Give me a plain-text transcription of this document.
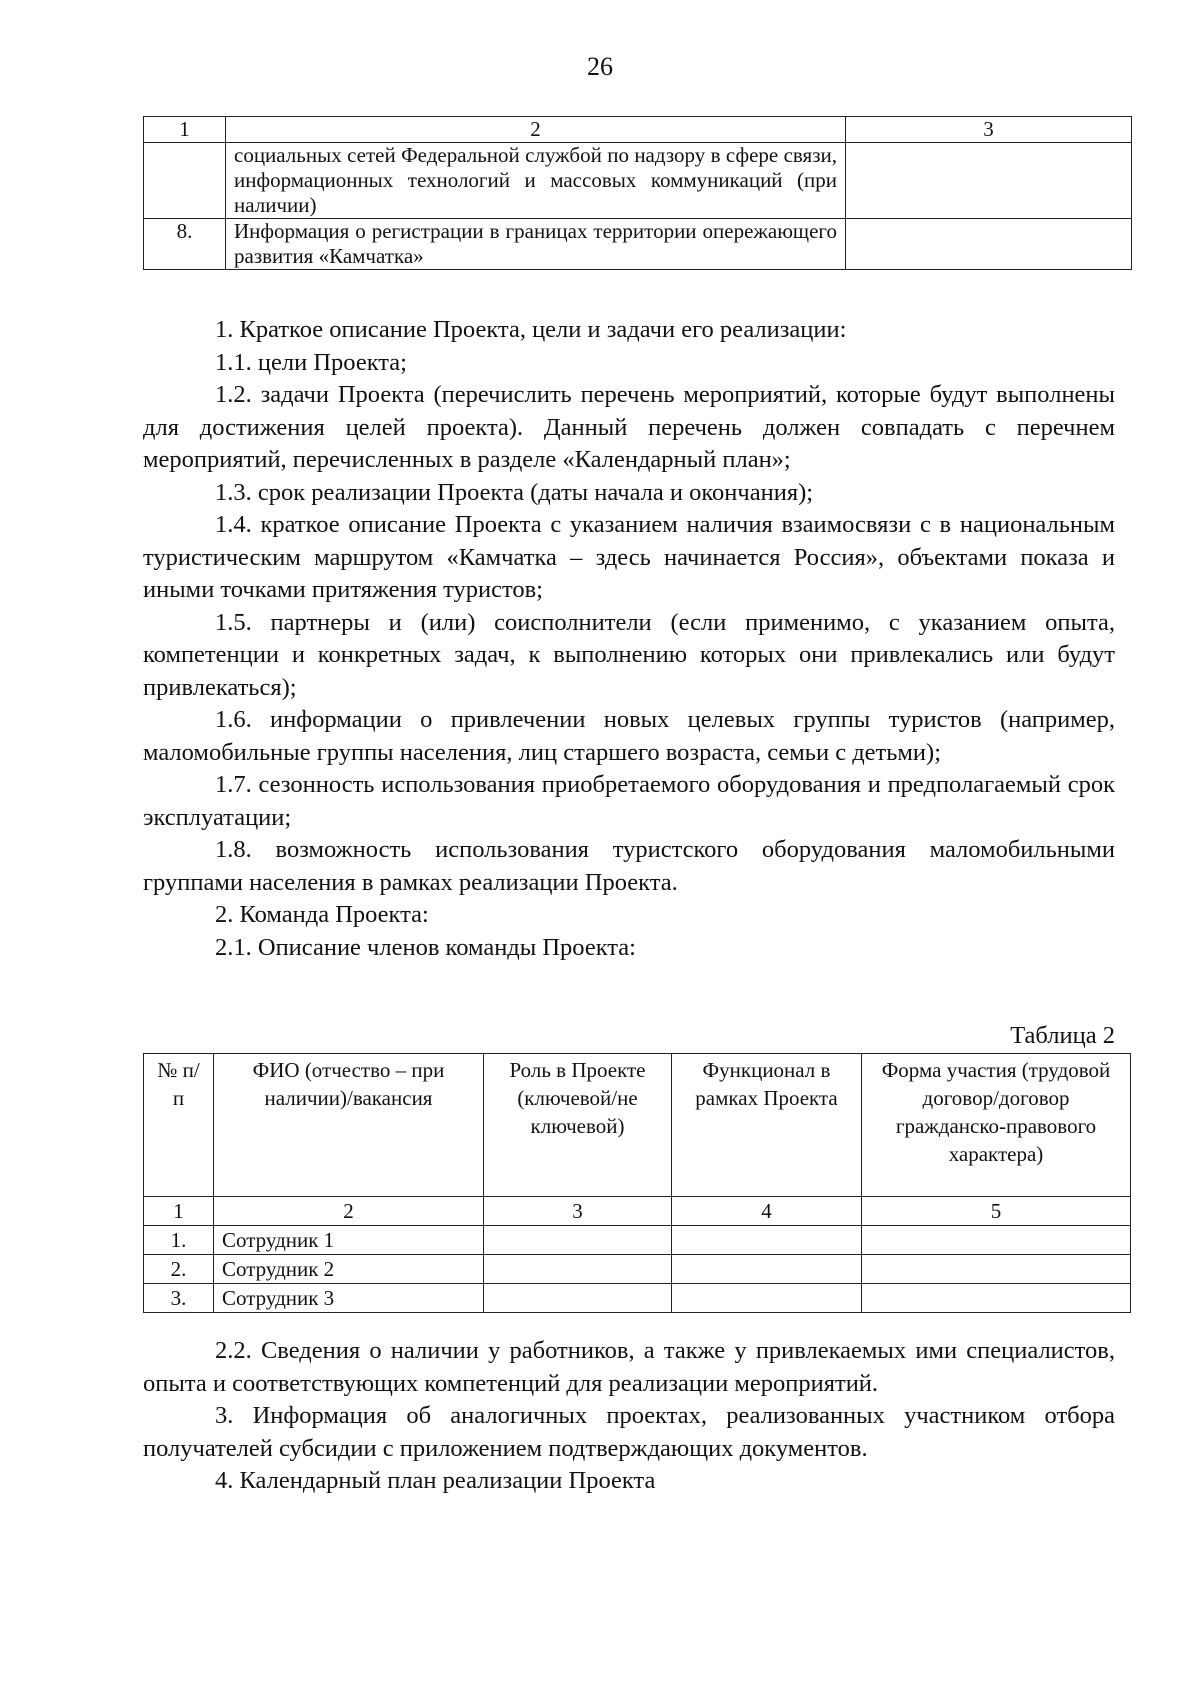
26
1	2	3
	социальных сетей Федеральной службой по надзору в сфере связи, информационных технологий и массовых коммуникаций (при наличии)	
8.	Информация о регистрации в границах территории опережающего развития «Камчатка»	

1. Краткое описание Проекта, цели и задачи его реализации:

1.1. цели Проекта;

1.2. задачи Проекта (перечислить перечень мероприятий, которые будут выполнены для достижения целей проекта). Данный перечень должен совпадать с перечнем мероприятий, перечисленных в разделе «Календарный план»;

1.3. срок реализации Проекта (даты начала и окончания);

1.4. краткое описание Проекта с указанием наличия взаимосвязи с в национальным туристическим маршрутом «Камчатка – здесь начинается Россия», объектами показа и иными точками притяжения туристов;

1.5. партнеры и (или) соисполнители (если применимо, с указанием опыта, компетенции и конкретных задач, к выполнению которых они привлекались или будут привлекаться);

1.6. информации о привлечении новых целевых группы туристов (например, маломобильные группы населения, лиц старшего возраста, семьи с детьми);

1.7. сезонность использования приобретаемого оборудования и предполагаемый срок эксплуатации;

1.8. возможность использования туристского оборудования маломобильными группами населения в рамках реализации Проекта.

2. Команда Проекта:

2.1. Описание членов команды Проекта:

Таблица 2
№ п/п	ФИО (отчество – при наличии)/вакансия	Роль в Проекте (ключевой/не ключевой)	Функционал в рамках Проекта	Форма участия (трудовой договор/договор гражданско-правового характера)
1	2	3	4	5
1.	Сотрудник 1			
2.	Сотрудник 2			
3.	Сотрудник 3			

2.2. Сведения о наличии у работников, а также у привлекаемых ими специалистов, опыта и соответствующих компетенций для реализации мероприятий.

3. Информация об аналогичных проектах, реализованных участником отбора получателей субсидии с приложением подтверждающих документов.

4. Календарный план реализации Проекта
